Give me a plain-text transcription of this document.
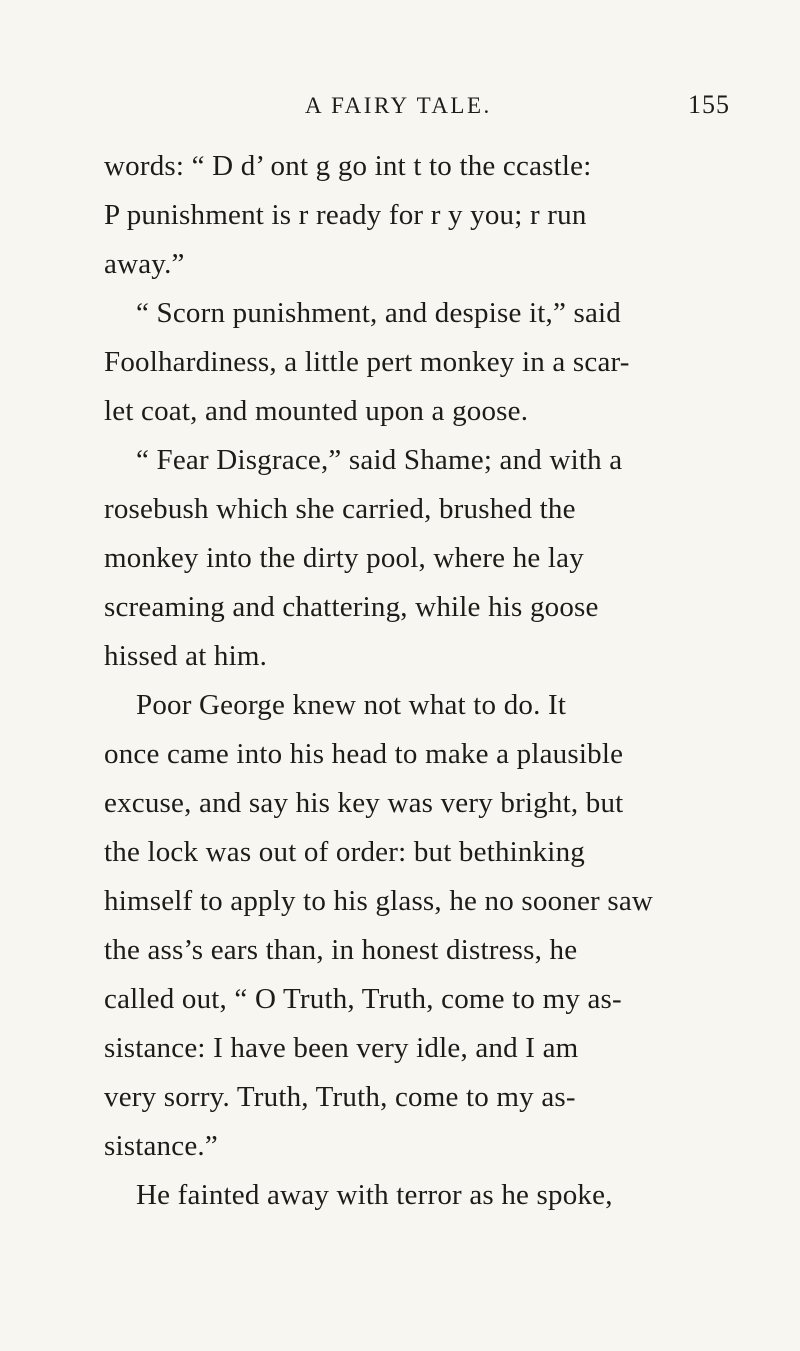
A FAIRY TALE.	155
words: “ D d’ ont g go int t to the ccastle:
P punishment is r ready for r y you; r run
away.”
“ Scorn punishment, and despise it,” said
Foolhardiness, a little pert monkey in a scar-
let coat, and mounted upon a goose.
“ Fear Disgrace,” said Shame; and with a
rosebush which she carried, brushed the
monkey into the dirty pool, where he lay
screaming and chattering, while his goose
hissed at him.
Poor George knew not what to do. It
once came into his head to make a plausible
excuse, and say his key was very bright, but
the lock was out of order: but bethinking
himself to apply to his glass, he no sooner saw
the ass’s ears than, in honest distress, he
called out, “ O Truth, Truth, come to my as-
sistance: I have been very idle, and I am
very sorry. Truth, Truth, come to my as-
sistance.”
He fainted away with terror as he spoke,
